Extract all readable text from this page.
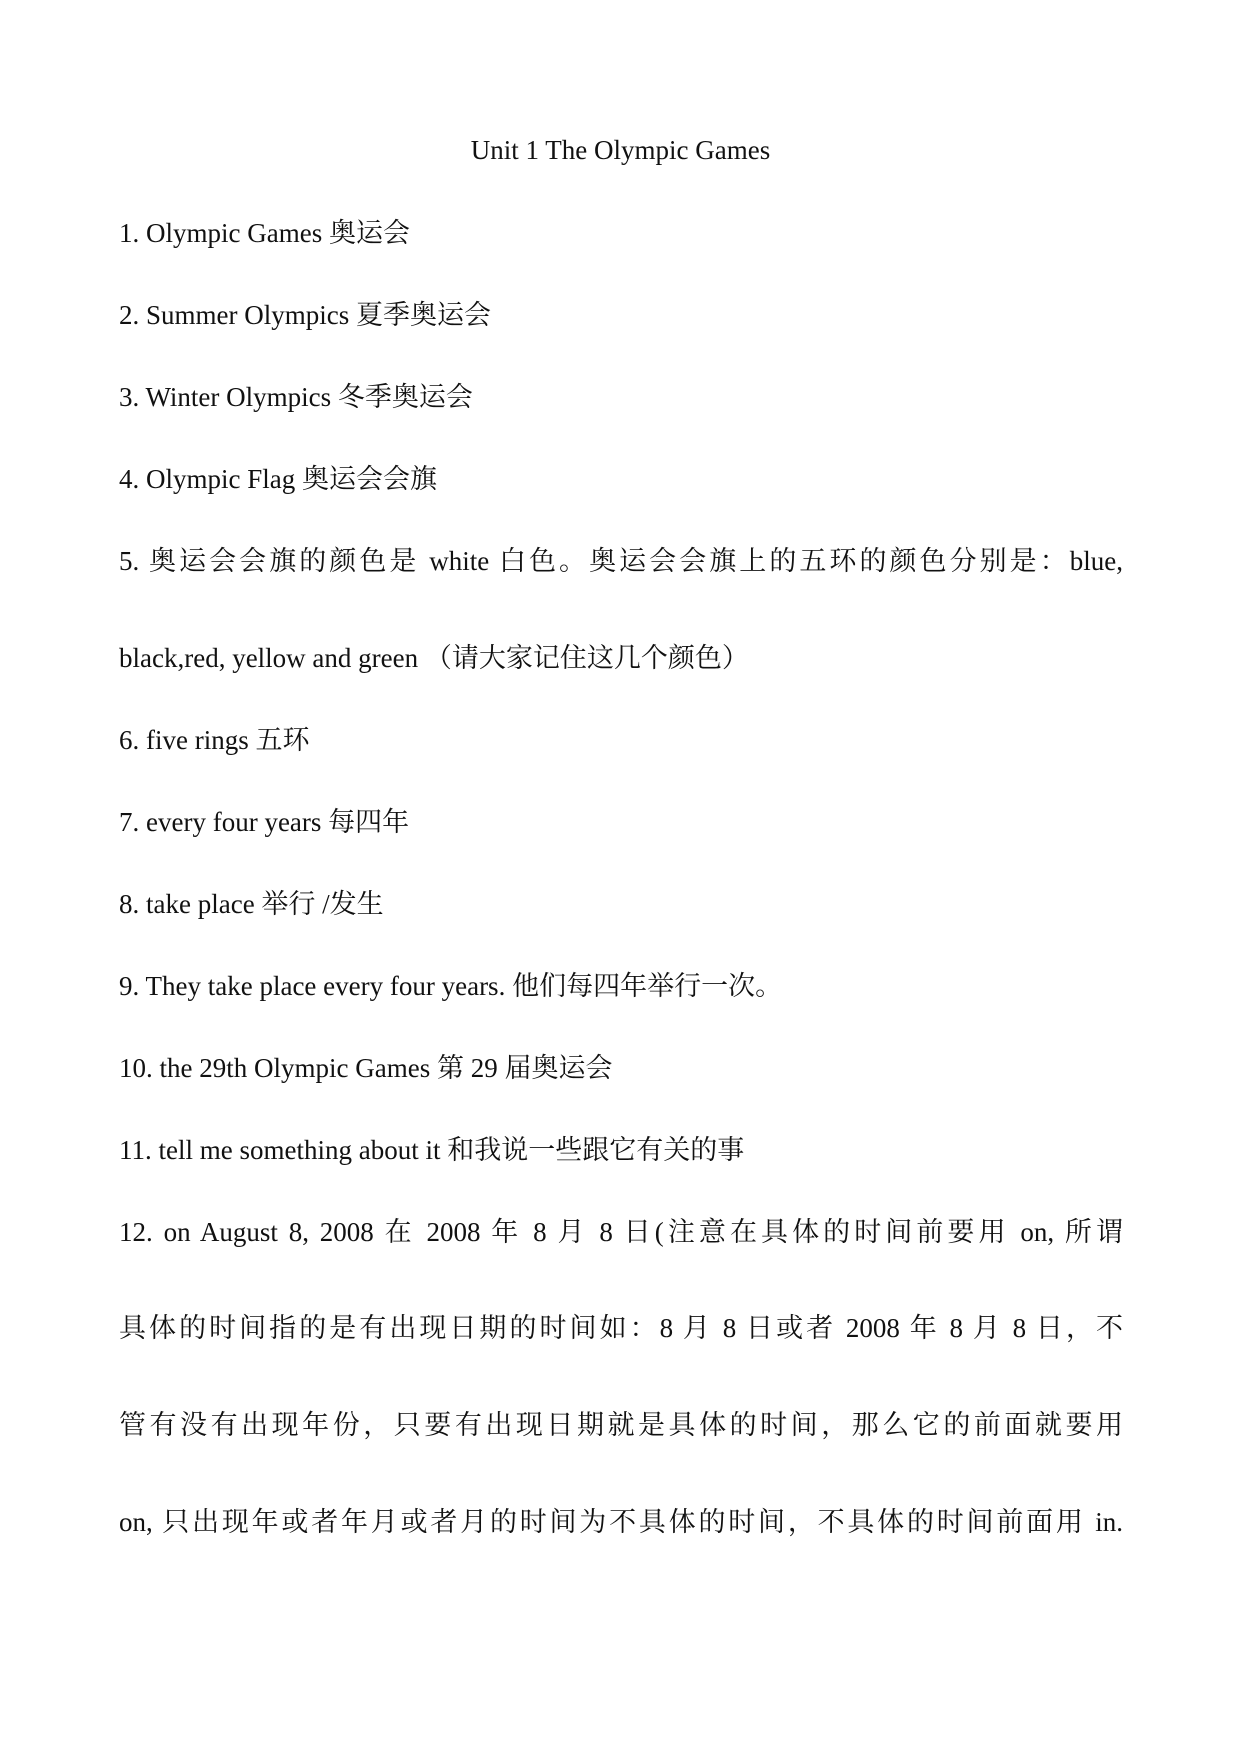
Unit 1 The Olympic Games
1. Olympic Games 奥运会
2. Summer Olympics 夏季奥运会
3. Winter Olympics 冬季奥运会
4. Olympic Flag 奥运会会旗
5. 奥运会会旗的颜色是 white 白色。奥运会会旗上的五环的颜色分别是：blue,
black,red, yellow and green （请大家记住这几个颜色）
6. five rings 五环
7. every four years 每四年
8. take place 举行 /发生
9. They take place every four years. 他们每四年举行一次。
10. the 29th Olympic Games 第 29 届奥运会
11. tell me something about it 和我说一些跟它有关的事
12. on August 8, 2008 在 2008 年 8 月 8 日(注意在具体的时间前要用 on, 所谓
具体的时间指的是有出现日期的时间如：8 月 8 日或者 2008 年 8 月 8 日，不
管有没有出现年份，只要有出现日期就是具体的时间，那么它的前面就要用
on, 只出现年或者年月或者月的时间为不具体的时间，不具体的时间前面用 in.
